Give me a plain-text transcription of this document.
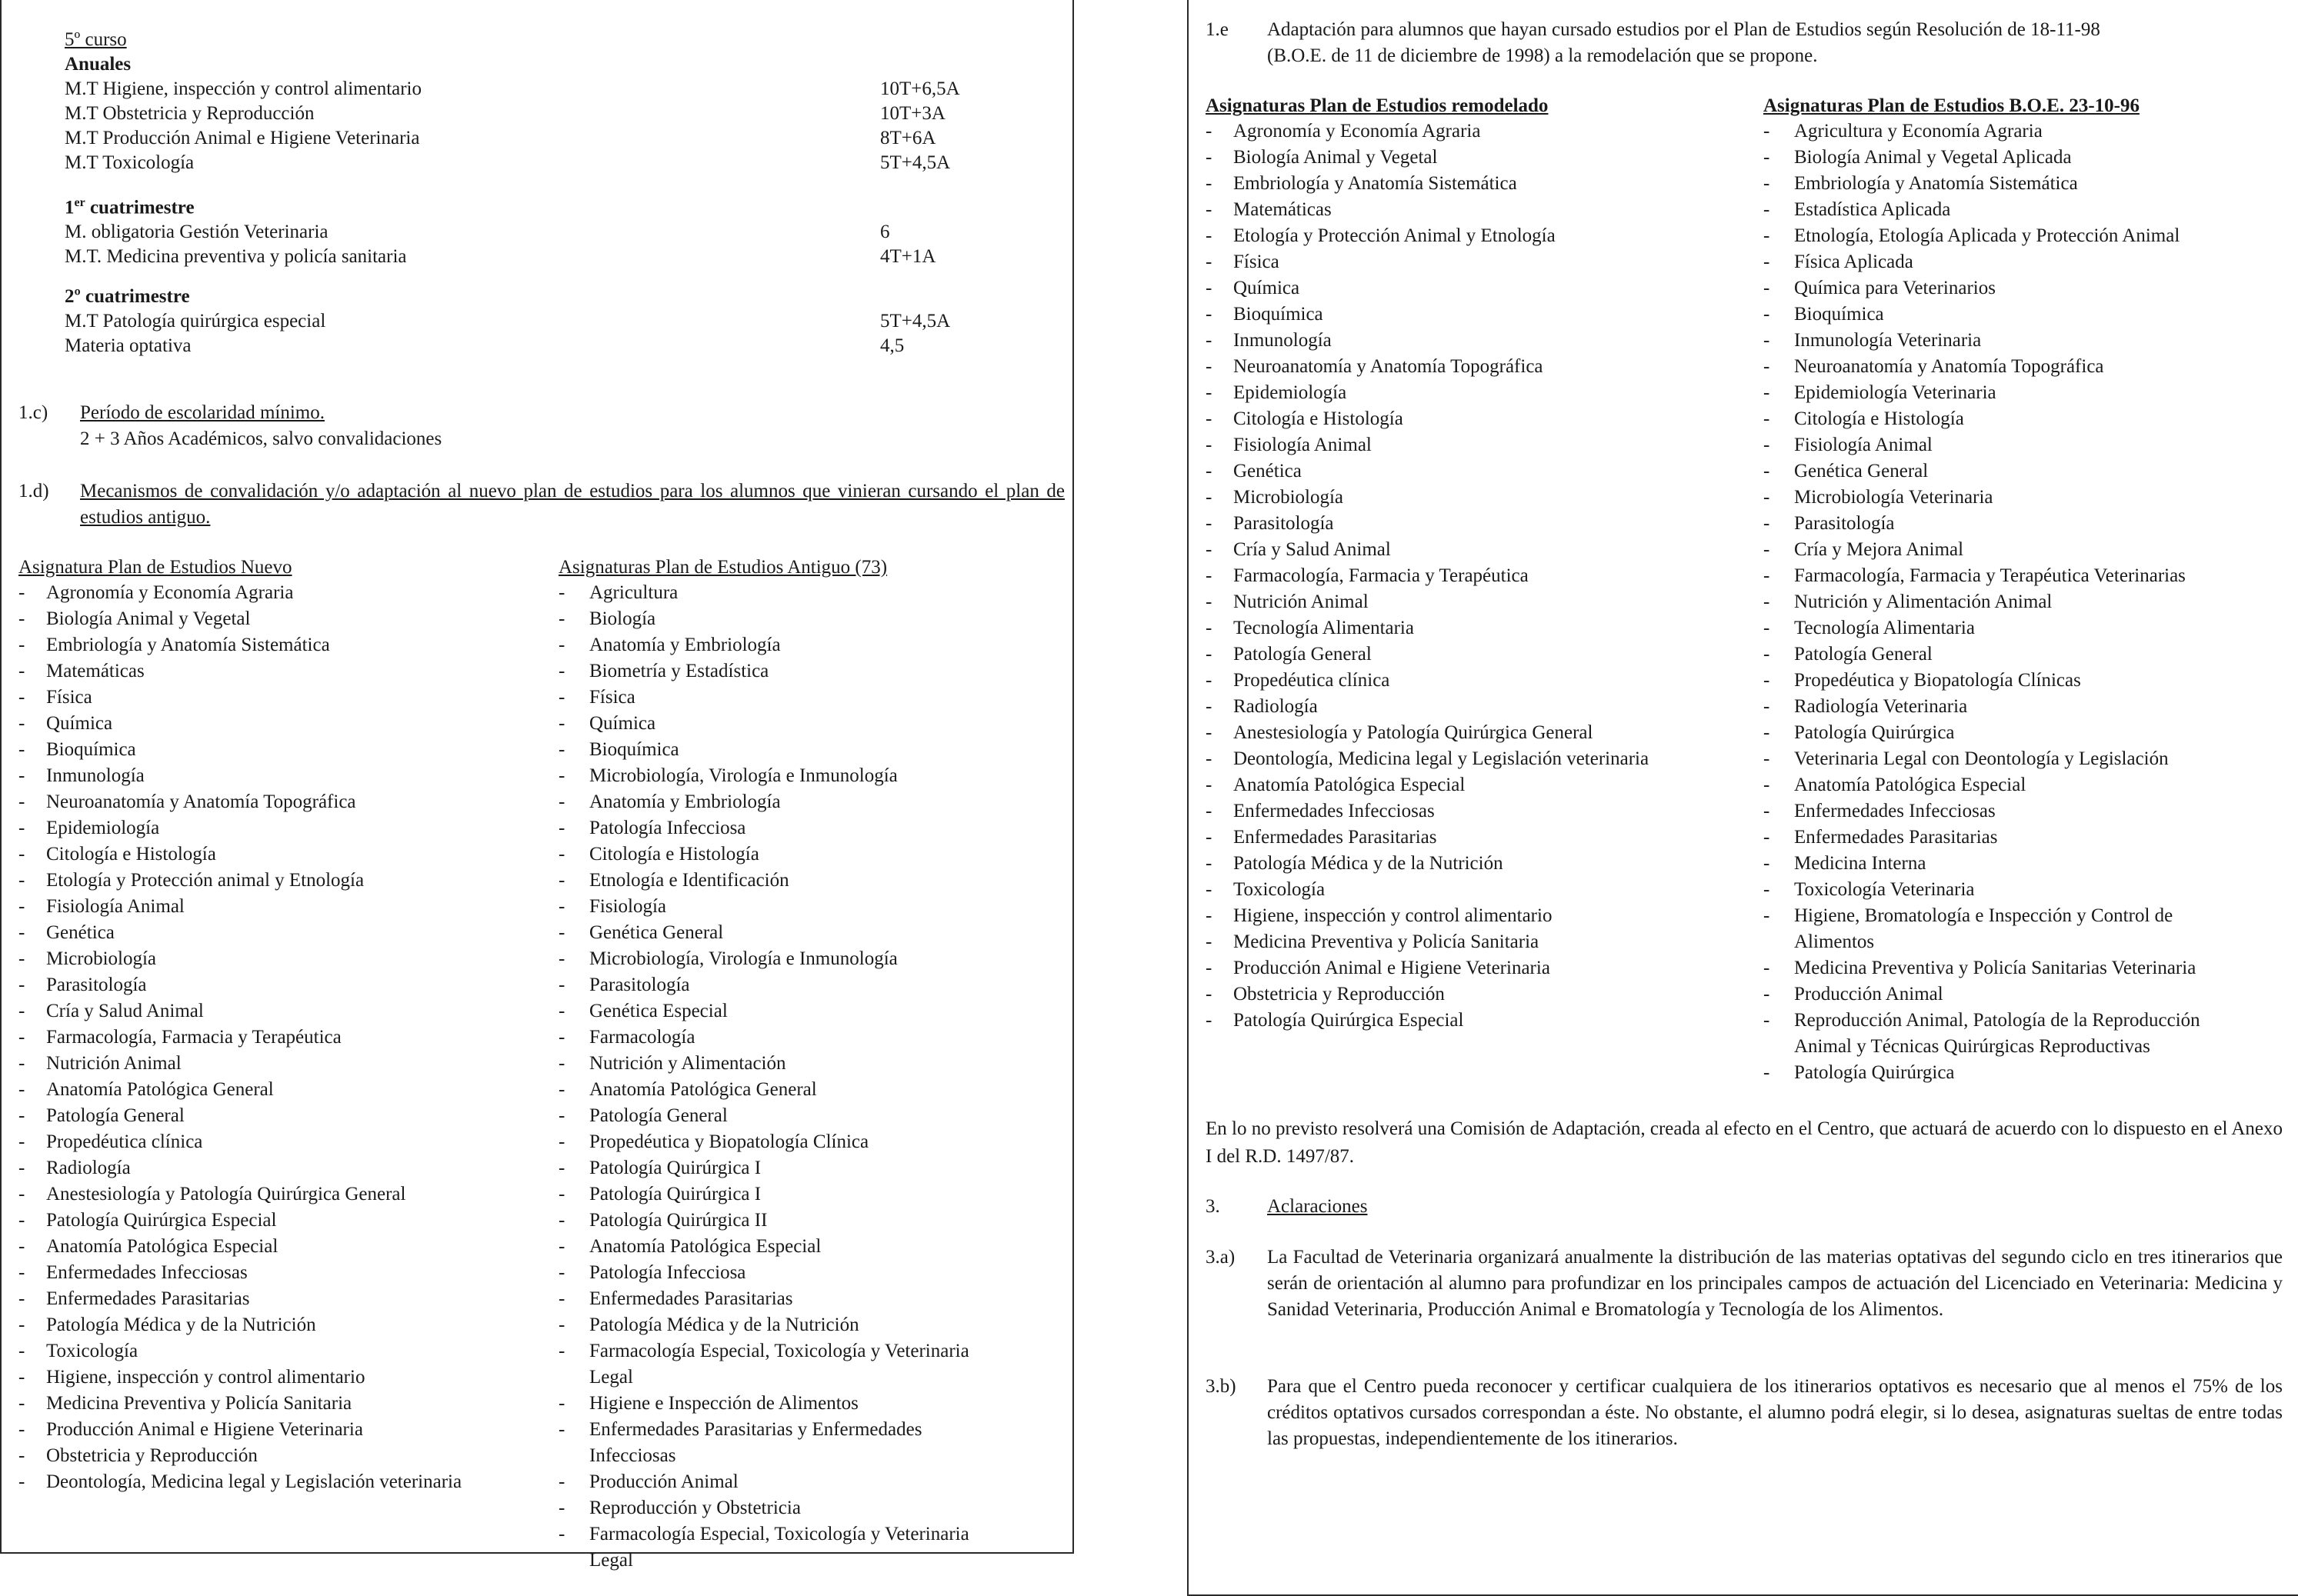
5º curso
Anuales
M.T Higiene, inspección y control alimentario	10T+6,5A
M.T Obstetricia y Reproducción	10T+3A
M.T Producción Animal e Higiene Veterinaria	8T+6A
M.T Toxicología	5T+4,5A
1er cuatrimestre
M. obligatoria Gestión Veterinaria	6
M.T. Medicina preventiva y policía sanitaria	4T+1A
2º cuatrimestre
M.T Patología quirúrgica especial	5T+4,5A
Materia optativa	4,5
1.c)	Período de escolaridad mínimo.
2 + 3 Años Académicos, salvo convalidaciones
1.d)	Mecanismos de convalidación y/o adaptación al nuevo plan de estudios para los alumnos que vinieran cursando el plan de estudios antiguo.
Asignatura Plan de Estudios Nuevo
-	Agronomía y Economía Agraria
-	Biología Animal y Vegetal
-	Embriología y Anatomía Sistemática
-	Matemáticas
-	Física
-	Química
-	Bioquímica
-	Inmunología
-	Neuroanatomía y Anatomía Topográfica
-	Epidemiología
-	Citología e Histología
-	Etología y Protección animal y Etnología
-	Fisiología Animal
-	Genética
-	Microbiología
-	Parasitología
-	Cría y Salud Animal
-	Farmacología, Farmacia y Terapéutica
-	Nutrición Animal
-	Anatomía Patológica General
-	Patología General
-	Propedéutica clínica
-	Radiología
-	Anestesiología y Patología Quirúrgica General
-	Patología Quirúrgica Especial
-	Anatomía Patológica Especial
-	Enfermedades Infecciosas
-	Enfermedades Parasitarias
-	Patología Médica y de la Nutrición
-	Toxicología
-	Higiene, inspección y control alimentario
-	Medicina Preventiva y Policía Sanitaria
-	Producción Animal e Higiene Veterinaria
-	Obstetricia y Reproducción
-	Deontología, Medicina legal y Legislación veterinaria
Asignaturas Plan de Estudios Antiguo (73)
-	Agricultura
-	Biología
-	Anatomía y Embriología
-	Biometría y Estadística
-	Física
-	Química
-	Bioquímica
-	Microbiología, Virología e Inmunología
-	Anatomía y Embriología
-	Patología Infecciosa
-	Citología e Histología
-	Etnología e Identificación
-	Fisiología
-	Genética General
-	Microbiología, Virología e Inmunología
-	Parasitología
-	Genética Especial
-	Farmacología
-	Nutrición y Alimentación
-	Anatomía Patológica General
-	Patología General
-	Propedéutica y Biopatología Clínica
-	Patología Quirúrgica I
-	Patología Quirúrgica I
-	Patología Quirúrgica II
-	Anatomía Patológica Especial
-	Patología Infecciosa
-	Enfermedades Parasitarias
-	Patología Médica y de la Nutrición
-	Farmacología Especial, Toxicología y Veterinaria
Legal
-	Higiene e Inspección de Alimentos
-	Enfermedades Parasitarias y Enfermedades
Infecciosas
-	Producción Animal
-	Reproducción y Obstetricia
-	Farmacología Especial, Toxicología y Veterinaria
Legal
1.e	Adaptación para alumnos que hayan cursado estudios por el Plan de Estudios según Resolución de 18-11-98
(B.O.E. de 11 de diciembre de 1998) a la remodelación que se propone.
Asignaturas Plan de Estudios remodelado
-	Agronomía y Economía Agraria
-	Biología Animal y Vegetal
-	Embriología y Anatomía Sistemática
-	Matemáticas
-	Etología y Protección Animal y Etnología
-	Física
-	Química
-	Bioquímica
-	Inmunología
-	Neuroanatomía y Anatomía Topográfica
-	Epidemiología
-	Citología e Histología
-	Fisiología Animal
-	Genética
-	Microbiología
-	Parasitología
-	Cría y Salud Animal
-	Farmacología, Farmacia y Terapéutica
-	Nutrición Animal
-	Tecnología Alimentaria
-	Patología General
-	Propedéutica clínica
-	Radiología
-	Anestesiología y Patología Quirúrgica General
-	Deontología, Medicina legal y Legislación veterinaria
-	Anatomía Patológica Especial
-	Enfermedades Infecciosas
-	Enfermedades Parasitarias
-	Patología Médica y de la Nutrición
-	Toxicología
-	Higiene, inspección y control alimentario
-	Medicina Preventiva y Policía Sanitaria
-	Producción Animal e Higiene Veterinaria
-	Obstetricia y Reproducción
-	Patología Quirúrgica Especial
Asignaturas Plan de Estudios B.O.E. 23-10-96
-	Agricultura y Economía Agraria
-	Biología Animal y Vegetal Aplicada
-	Embriología y Anatomía Sistemática
-	Estadística Aplicada
-	Etnología, Etología Aplicada y Protección Animal
-	Física Aplicada
-	Química para Veterinarios
-	Bioquímica
-	Inmunología Veterinaria
-	Neuroanatomía y Anatomía Topográfica
-	Epidemiología Veterinaria
-	Citología e Histología
-	Fisiología Animal
-	Genética General
-	Microbiología Veterinaria
-	Parasitología
-	Cría y Mejora Animal
-	Farmacología, Farmacia y Terapéutica Veterinarias
-	Nutrición y Alimentación Animal
-	Tecnología Alimentaria
-	Patología General
-	Propedéutica y Biopatología Clínicas
-	Radiología Veterinaria
-	Patología Quirúrgica
-	Veterinaria Legal con Deontología y Legislación
-	Anatomía Patológica Especial
-	Enfermedades Infecciosas
-	Enfermedades Parasitarias
-	Medicina Interna
-	Toxicología Veterinaria
-	Higiene, Bromatología e Inspección y Control de
Alimentos
-	Medicina Preventiva y Policía Sanitarias Veterinaria
-	Producción Animal
-	Reproducción Animal, Patología de la Reproducción
Animal y Técnicas Quirúrgicas Reproductivas
-	Patología Quirúrgica
En lo no previsto resolverá una Comisión de Adaptación, creada al efecto en el Centro, que actuará de acuerdo con lo dispuesto en el Anexo I del R.D. 1497/87.
3.	Aclaraciones
3.a)	La Facultad de Veterinaria organizará anualmente la distribución de las materias optativas del segundo ciclo en tres itinerarios que serán de orientación al alumno para profundizar en los principales campos de actuación del Licenciado en Veterinaria: Medicina y Sanidad Veterinaria, Producción Animal e Bromatología y Tecnología de los Alimentos.
3.b)	Para que el Centro pueda reconocer y certificar cualquiera de los itinerarios optativos es necesario que al menos el 75% de los créditos optativos cursados correspondan a éste. No obstante, el alumno podrá elegir, si lo desea, asignaturas sueltas de entre todas las propuestas, independientemente de los itinerarios.
